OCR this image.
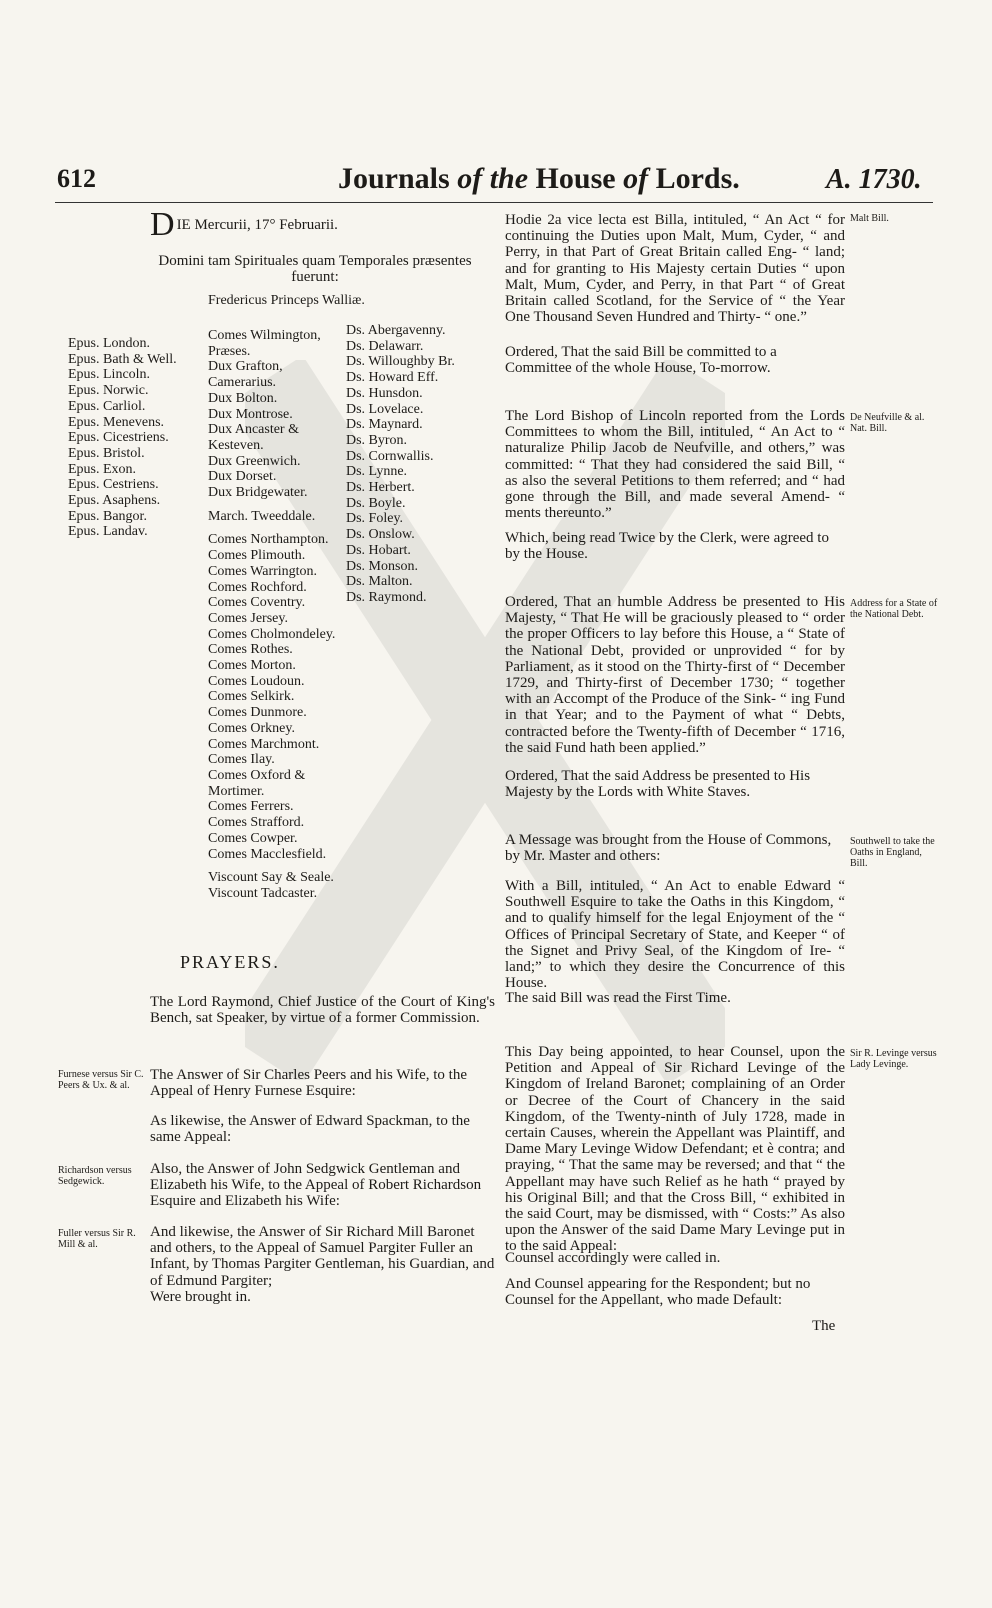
612	Journals of the House of Lords.	A. 1730.

D IE Mercurii, 17° Februarii.

Domini tam Spirituales quam Temporales præsentes fuerunt:

Fredericus Princeps Walliæ.
Epus. London.
Epus. Bath & Well.
Epus. Lincoln.
Epus. Norwic.
Epus. Carliol.
Epus. Menevens.
Epus. Cicestriens.
Epus. Bristol.
Epus. Exon.
Epus. Cestriens.
Epus. Asaphens.
Epus. Bangor.
Epus. Landav.
Comes Wilmington,
Præses.
Dux Grafton,
Camerarius.
Dux Bolton.
Dux Montrose.
Dux Ancaster &
Kesteven.
Dux Greenwich.
Dux Dorset.
Dux Bridgewater.
March. Tweeddale.
Comes Northampton.
Comes Plimouth.
Comes Warrington.
Comes Rochford.
Comes Coventry.
Comes Jersey.
Comes Cholmondeley.
Comes Rothes.
Comes Morton.
Comes Loudoun.
Comes Selkirk.
Comes Dunmore.
Comes Orkney.
Comes Marchmont.
Comes Ilay.
Comes Oxford &
Mortimer.
Comes Ferrers.
Comes Strafford.
Comes Cowper.
Comes Macclesfield.
Viscount Say & Seale.
Viscount Tadcaster.
Ds. Abergavenny.
Ds. Delawarr.
Ds. Willoughby Br.
Ds. Howard Eff.
Ds. Hunsdon.
Ds. Lovelace.
Ds. Maynard.
Ds. Byron.
Ds. Cornwallis.
Ds. Lynne.
Ds. Herbert.
Ds. Boyle.
Ds. Foley.
Ds. Onslow.
Ds. Hobart.
Ds. Monson.
Ds. Malton.
Ds. Raymond.
PRAYERS.
The Lord Raymond, Chief Justice of the Court of King's Bench, sat Speaker, by virtue of a former Commission.
Furnese versus Sir C. Peers & Ux. & al.
The Answer of Sir Charles Peers and his Wife, to the Appeal of Henry Furnese Esquire:
As likewise, the Answer of Edward Spackman, to the same Appeal:
Richardson versus Sedgewick.
Also, the Answer of John Sedgwick Gentleman and Elizabeth his Wife, to the Appeal of Robert Richardson Esquire and Elizabeth his Wife:
Fuller versus Sir R. Mill & al.
And likewise, the Answer of Sir Richard Mill Baronet and others, to the Appeal of Samuel Pargiter Fuller an Infant, by Thomas Pargiter Gentleman, his Guardian, and of Edmund Pargiter;
Were brought in.
Malt Bill.
Hodie 2a vice lecta est Billa, intituled, “ An Act “ for continuing the Duties upon Malt, Mum, Cyder, “ and Perry, in that Part of Great Britain called Eng- “ land; and for granting to His Majesty certain Duties “ upon Malt, Mum, Cyder, and Perry, in that Part “ of Great Britain called Scotland, for the Service of “ the Year One Thousand Seven Hundred and Thirty- “ one.”
Ordered, That the said Bill be committed to a Committee of the whole House, To-morrow.
De Neufville & al. Nat. Bill.
The Lord Bishop of Lincoln reported from the Lords Committees to whom the Bill, intituled, “ An Act to “ naturalize Philip Jacob de Neufville, and others,” was committed: “ That they had considered the said Bill, “ as also the several Petitions to them referred; and “ had gone through the Bill, and made several Amend- “ ments thereunto.”
Which, being read Twice by the Clerk, were agreed to by the House.
Address for a State of the National Debt.
Ordered, That an humble Address be presented to His Majesty, “ That He will be graciously pleased to “ order the proper Officers to lay before this House, a “ State of the National Debt, provided or unprovided “ for by Parliament, as it stood on the Thirty-first of “ December 1729, and Thirty-first of December 1730; “ together with an Accompt of the Produce of the Sink- “ ing Fund in that Year; and to the Payment of what “ Debts, contracted before the Twenty-fifth of December “ 1716, the said Fund hath been applied.”
Ordered, That the said Address be presented to His Majesty by the Lords with White Staves.
Southwell to take the Oaths in England, Bill.
A Message was brought from the House of Commons, by Mr. Master and others:
With a Bill, intituled, “ An Act to enable Edward “ Southwell Esquire to take the Oaths in this Kingdom, “ and to qualify himself for the legal Enjoyment of the “ Offices of Principal Secretary of State, and Keeper “ of the Signet and Privy Seal, of the Kingdom of Ire- “ land;” to which they desire the Concurrence of this House.
The said Bill was read the First Time.
Sir R. Levinge versus Lady Levinge.
This Day being appointed, to hear Counsel, upon the Petition and Appeal of Sir Richard Levinge of the Kingdom of Ireland Baronet; complaining of an Order or Decree of the Court of Chancery in the said Kingdom, of the Twenty-ninth of July 1728, made in certain Causes, wherein the Appellant was Plaintiff, and Dame Mary Levinge Widow Defendant; et è contra; and praying, “ That the same may be reversed; and that “ the Appellant may have such Relief as he hath “ prayed by his Original Bill; and that the Cross Bill, “ exhibited in the said Court, may be dismissed, with “ Costs:” As also upon the Answer of the said Dame Mary Levinge put in to the said Appeal:
Counsel accordingly were called in.
And Counsel appearing for the Respondent; but no Counsel for the Appellant, who made Default:
The
